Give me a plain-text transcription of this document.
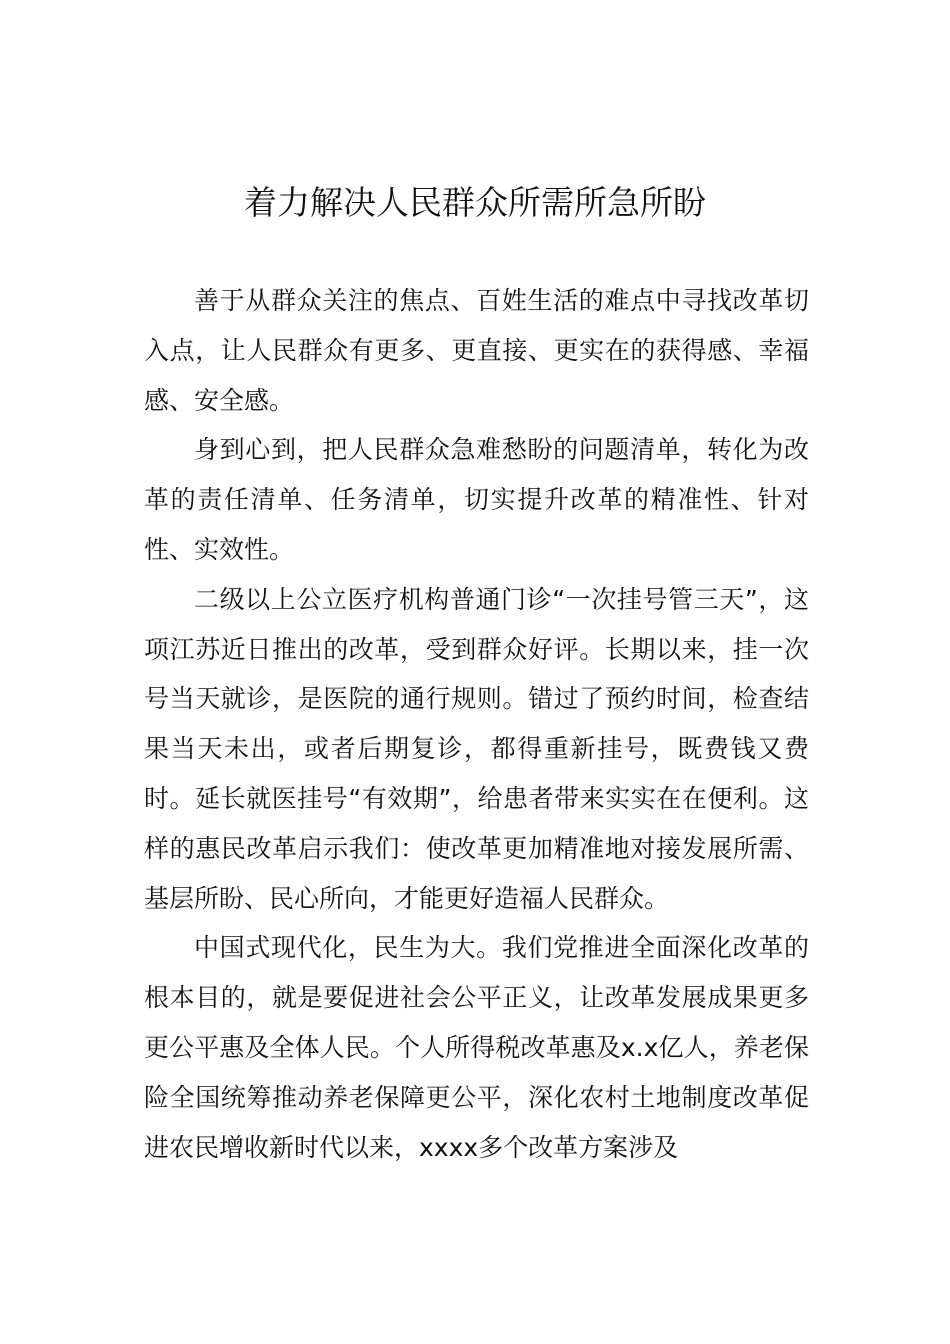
着力解决人民群众所需所急所盼

善于从群众关注的焦点、百姓生活的难点中寻找改革切入点，让人民群众有更多、更直接、更实在的获得感、幸福感、安全感。

身到心到，把人民群众急难愁盼的问题清单，转化为改革的责任清单、任务清单，切实提升改革的精准性、针对性、实效性。

二级以上公立医疗机构普通门诊“一次挂号管三天”，这项江苏近日推出的改革，受到群众好评。长期以来，挂一次号当天就诊，是医院的通行规则。错过了预约时间，检查结果当天未出，或者后期复诊，都得重新挂号，既费钱又费时。延长就医挂号“有效期”，给患者带来实实在在便利。这样的惠民改革启示我们：使改革更加精准地对接发展所需、基层所盼、民心所向，才能更好造福人民群众。

中国式现代化，民生为大。我们党推进全面深化改革的根本目的，就是要促进社会公平正义，让改革发展成果更多更公平惠及全体人民。个人所得税改革惠及x.x亿人，养老保险全国统筹推动养老保障更公平，深化农村土地制度改革促进农民增收新时代以来，xxxx多个改革方案涉及
